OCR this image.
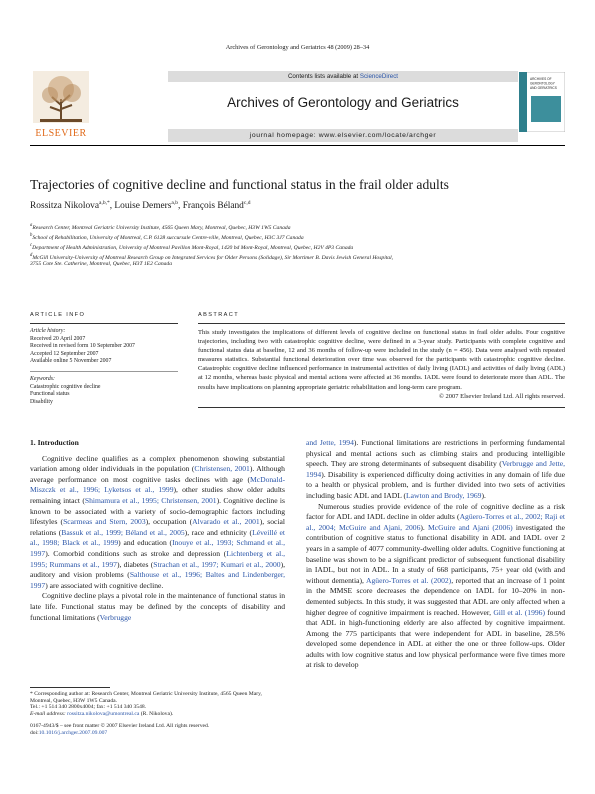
Archives of Gerontology and Geriatrics 48 (2009) 28–34
ELSEVIER
Contents lists available at ScienceDirect
Archives of Gerontology and Geriatrics
journal homepage: www.elsevier.com/locate/archger
ARCHIVES OF
GERONTOLOGY
AND GERIATRICS
Trajectories of cognitive decline and functional status in the frail older adults
Rossitza Nikolova$^{a,b,*}$, Louise Demers$^{a,b}$, François Béland$^{c,d}$
$^a$Research Center, Montreal Geriatric University Institute, 4565 Queen Mary, Montreal, Quebec, H3W 1W5 Canada
$^b$School of Rehabilitation, University of Montreal, C.P. 6128 succursale Centre-ville, Montreal, Quebec, H3C 3J7 Canada
$^c$Department of Health Administration, University of Montreal Pavillon Mont-Royal, 1420 bd Mont-Royal, Montreal, Quebec, H2V 4P3 Canada
$^d$McGill University-University of Montreal Research Group on Integrated Services for Older Persons (Solidage), Sir Mortimer B. Davis Jewish General Hospital,
3755 Cote Ste. Catherine, Montreal, Quebec, H3T 1E2 Canada
ARTICLE INFO
Article history:
Received 20 April 2007
Received in revised form 10 September 2007
Accepted 12 September 2007
Available online 5 November 2007
Keywords:
Catastrophic cognitive decline
Functional status
Disability
ABSTRACT
This study investigates the implications of different levels of cognitive decline on functional status in frail older adults. Four cognitive trajectories, including two with catastrophic cognitive decline, were defined in a 3-year study. Participants with complete cognitive and functional status data at baseline, 12 and 36 months of follow-up were included in the study (n = 456). Data were analysed with repeated measures statistics. Substantial functional deterioration over time was observed for the participants with catastrophic cognitive decline. Catastrophic cognitive decline influenced performance in instrumental activities of daily living (IADL) and activities of daily living (ADL) at 12 months, whereas basic physical and mental actions were affected at 36 months. IADL were found to deteriorate more than ADL. The results have implications on planning appropriate geriatric rehabilitation and long-term care program.
© 2007 Elsevier Ireland Ltd. All rights reserved.
1. Introduction

Cognitive decline qualifies as a complex phenomenon showing substantial variation among older individuals in the population (Christensen, 2001). Although average performance on most cognitive tasks declines with age (McDonald-Miszczk et al., 1996; Lyketsos et al., 1999), other studies show older adults remaining intact (Shimamura et al., 1995; Christensen, 2001). Cognitive decline is known to be associated with a variety of socio-demographic factors including lifestyles (Scarmeas and Stern, 2003), occupation (Alvarado et al., 2001), social relations (Bassuk et al., 1999; Béland et al., 2005), race and ethnicity (Léveillé et al., 1998; Black et al., 1999) and education (Inouye et al., 1993; Schmand et al., 1997). Comorbid conditions such as stroke and depression (Lichtenberg et al., 1995; Rummans et al., 1997), diabetes (Strachan et al., 1997; Kumari et al., 2000), auditory and vision problems (Salthouse et al., 1996; Baltes and Lindenberger, 1997) are associated with cognitive decline.

Cognitive decline plays a pivotal role in the maintenance of functional status in late life. Functional status may be defined by the concepts of disability and functional limitations (Verbrugge

and Jette, 1994). Functional limitations are restrictions in performing fundamental physical and mental actions such as climbing stairs and producing intelligible speech. They are strong determinants of subsequent disability (Verbrugge and Jette, 1994). Disability is experienced difficulty doing activities in any domain of life due to a health or physical problem, and is further divided into two sets of activities including basic ADL and IADL (Lawton and Brody, 1969).

Numerous studies provide evidence of the role of cognitive decline as a risk factor for ADL and IADL decline in older adults (Agüero-Torres et al., 2002; Raji et al., 2004; McGuire and Ajani, 2006). McGuire and Ajani (2006) investigated the contribution of cognitive status to functional disability in ADL and IADL over 2 years in a sample of 4077 community-dwelling older adults. Cognitive functioning at baseline was shown to be a significant predictor of subsequent functional disability in IADL, but not in ADL. In a study of 668 participants, 75+ year old (with and without dementia), Agüero-Torres et al. (2002), reported that an increase of 1 point in the MMSE score decreases the dependence on IADL for 10–20% in non-demented subjects. In this study, it was suggested that ADL are only affected when a higher degree of cognitive impairment is reached. However, Gill et al. (1996) found that ADL in high-functioning elderly are also affected by cognitive impairment. Among the 775 participants that were independent for ADL in baseline, 28.5% developed some dependence in ADL at either the one or three follow-ups. Older adults with low cognitive status and low physical performance were five times more at risk to develop

* Corresponding author at: Research Center, Montreal Geriatric University Institute, 4565 Queen Mary, Montreal, Quebec, H3W 1W5 Canada.
Tel.: +1 514 340 2800x4004; fax: +1 514 340 3548.
E-mail address: rossitza.nikolova@umontreal.ca (R. Nikolova).
0167-4943/$ – see front matter © 2007 Elsevier Ireland Ltd. All rights reserved.
doi:10.1016/j.archger.2007.09.007
